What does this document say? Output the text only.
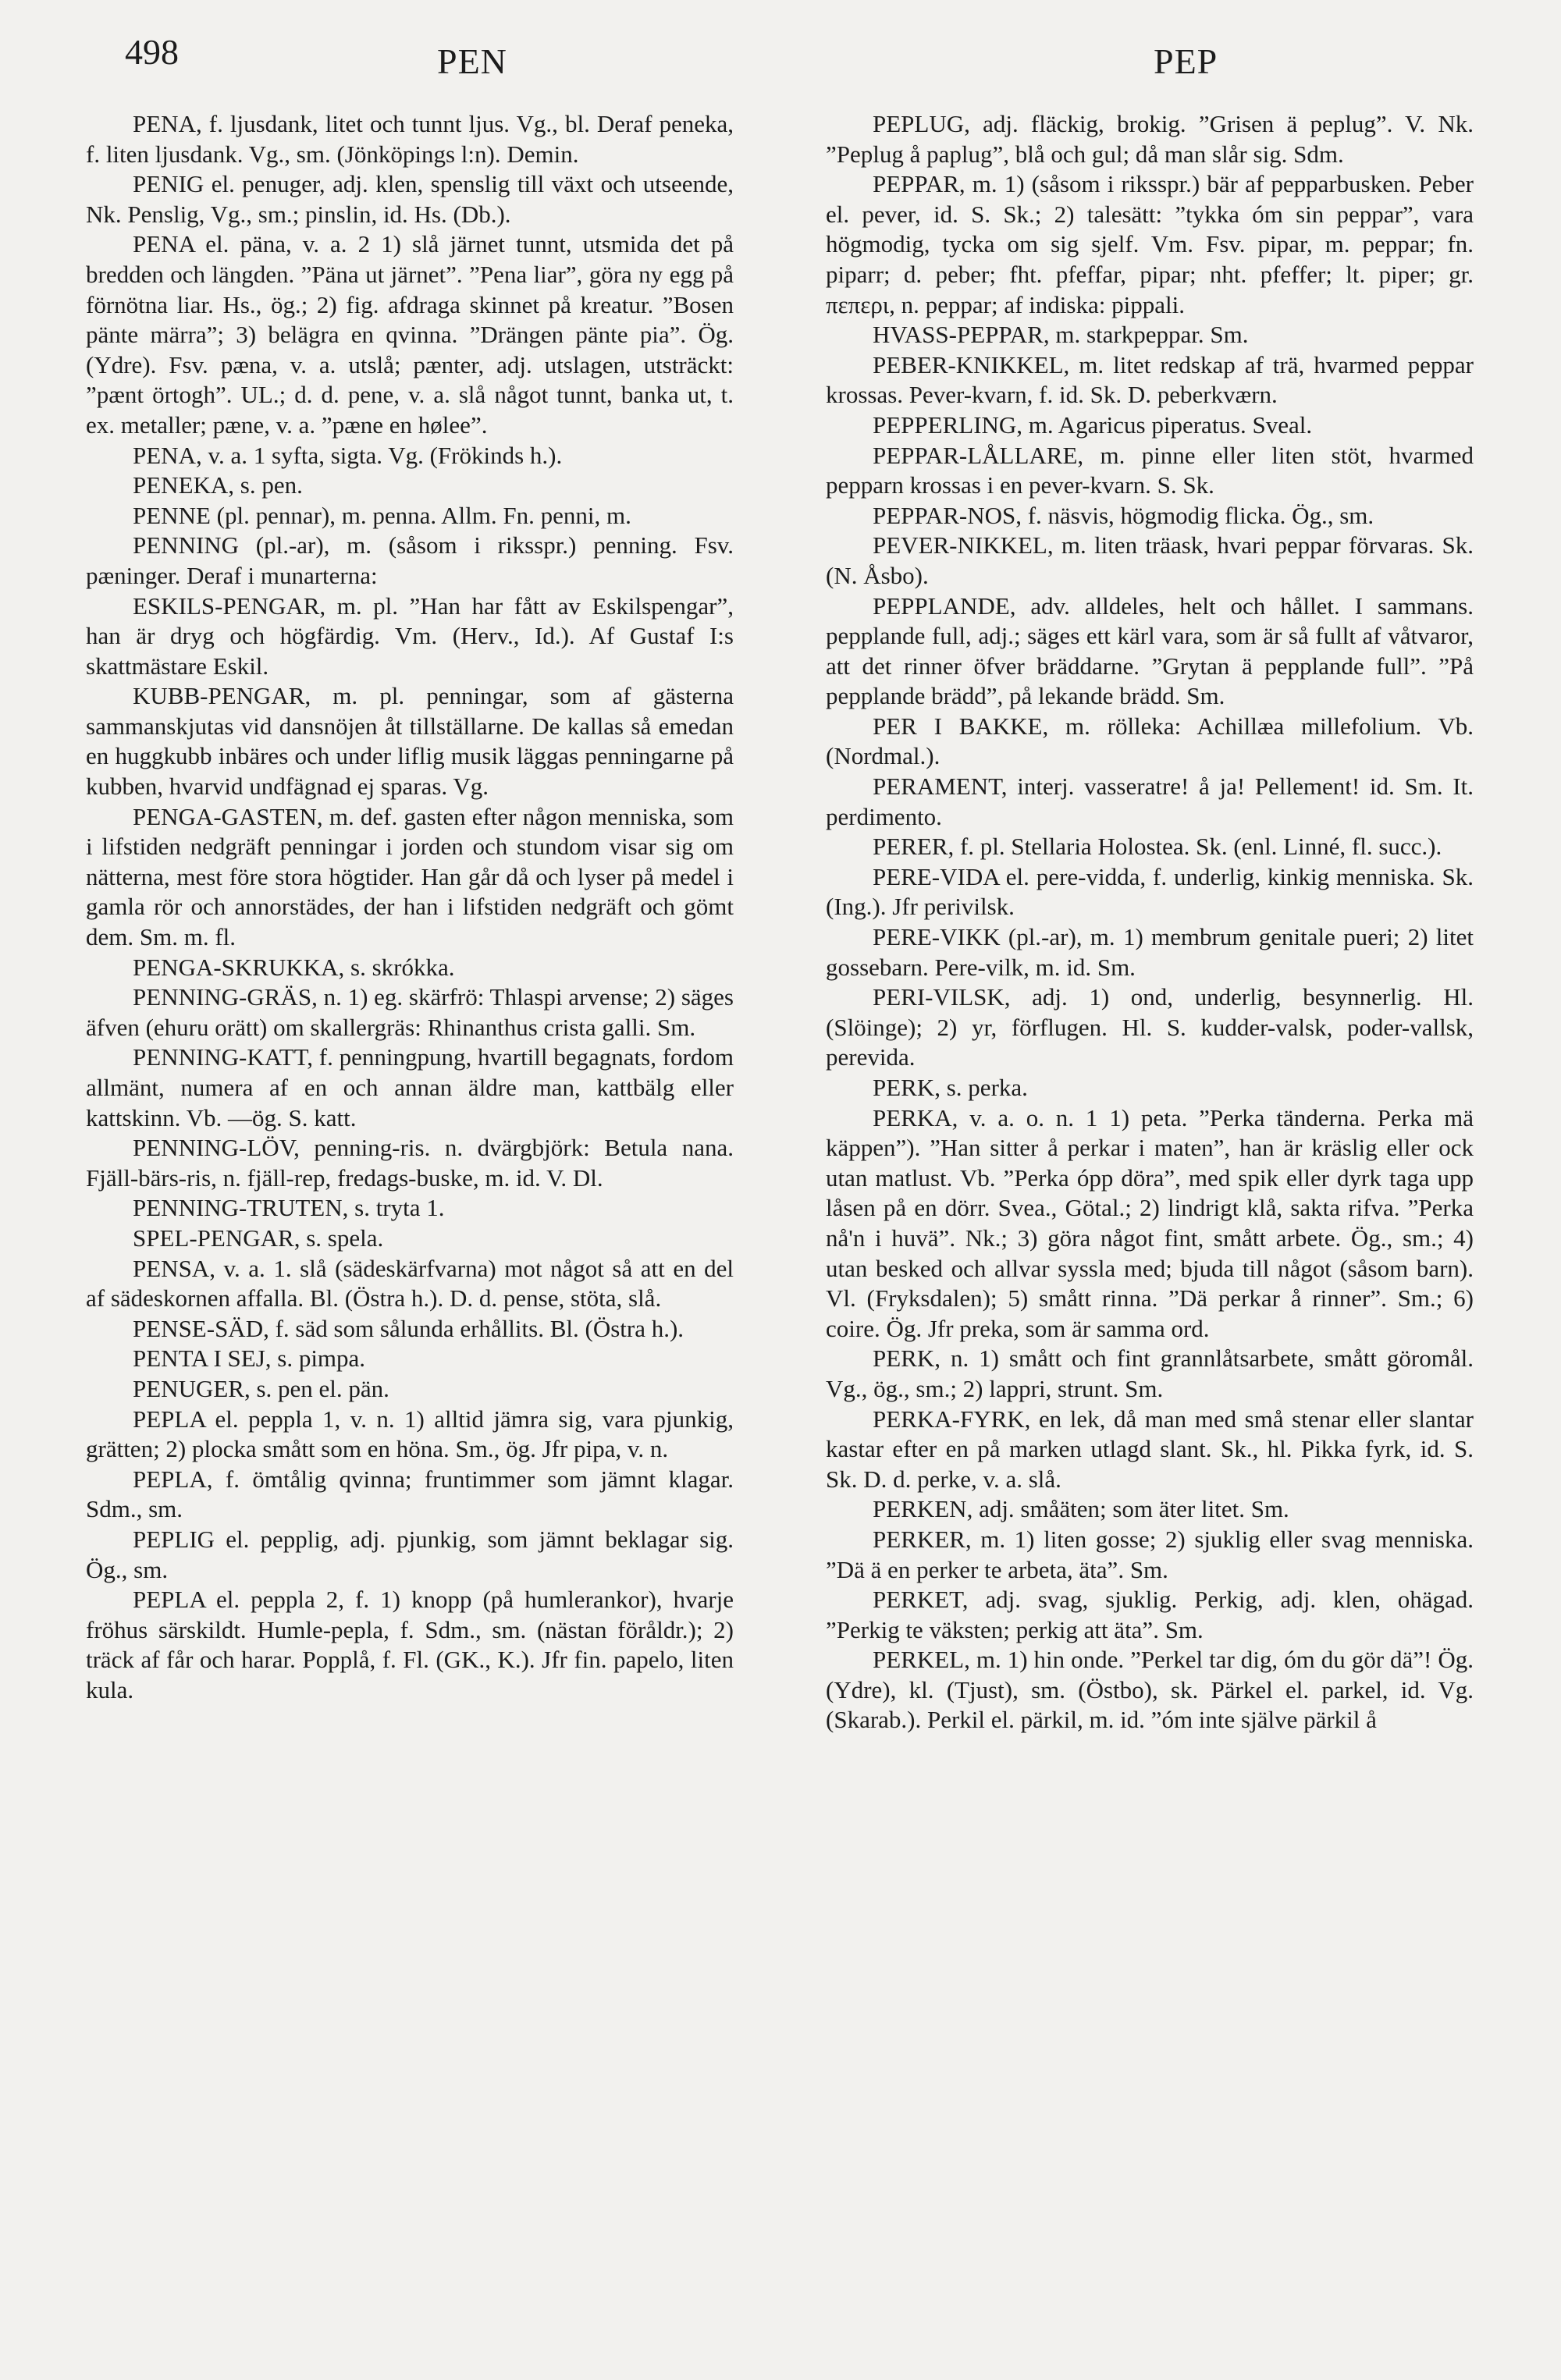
498	PEN	PEP

PENA, f. ljusdank, litet och tunnt ljus. Vg., bl. Deraf peneka, f. liten ljusdank. Vg., sm. (Jönköpings l:n). Demin.

PENIG el. penuger, adj. klen, spenslig till växt och utseende, Nk. Penslig, Vg., sm.; pinslin, id. Hs. (Db.).

PENA el. päna, v. a. 2 1) slå järnet tunnt, utsmida det på bredden och längden. ”Päna ut järnet”. ”Pena liar”, göra ny egg på förnötna liar. Hs., ög.; 2) fig. afdraga skinnet på kreatur. ”Bosen pänte märra”; 3) belägra en qvinna. ”Drängen pänte pia”. Ög. (Ydre). Fsv. pæna, v. a. utslå; pænter, adj. utslagen, utsträckt: ”pænt örtogh”. UL.; d. d. pene, v. a. slå något tunnt, banka ut, t. ex. metaller; pæne, v. a. ”pæne en hølee”.

PENA, v. a. 1 syfta, sigta. Vg. (Frökinds h.).

PENEKA, s. pen.

PENNE (pl. pennar), m. penna. Allm. Fn. penni, m.

PENNING (pl.-ar), m. (såsom i riksspr.) penning. Fsv. pæninger. Deraf i munarterna:

ESKILS-PENGAR, m. pl. ”Han har fått av Eskilspengar”, han är dryg och högfärdig. Vm. (Herv., Id.). Af Gustaf I:s skattmästare Eskil.

KUBB-PENGAR, m. pl. penningar, som af gästerna sammanskjutas vid dansnöjen åt tillställarne. De kallas så emedan en huggkubb inbäres och under liflig musik läggas penningarne på kubben, hvarvid undfägnad ej sparas. Vg.

PENGA-GASTEN, m. def. gasten efter någon menniska, som i lifstiden nedgräft penningar i jorden och stundom visar sig om nätterna, mest före stora högtider. Han går då och lyser på medel i gamla rör och annorstädes, der han i lifstiden nedgräft och gömt dem. Sm. m. fl.

PENGA-SKRUKKA, s. skrókka.

PENNING-GRÄS, n. 1) eg. skärfrö: Thlaspi arvense; 2) säges äfven (ehuru orätt) om skallergräs: Rhinanthus crista galli. Sm.

PENNING-KATT, f. penningpung, hvartill begagnats, fordom allmänt, numera af en och annan äldre man, kattbälg eller kattskinn. Vb. —ög. S. katt.

PENNING-LÖV, penning-ris. n. dvärgbjörk: Betula nana. Fjäll-bärs-ris, n. fjäll-rep, fredags-buske, m. id. V. Dl.

PENNING-TRUTEN, s. tryta 1.

SPEL-PENGAR, s. spela.

PENSA, v. a. 1. slå (sädeskärfvarna) mot något så att en del af sädeskornen affalla. Bl. (Östra h.). D. d. pense, stöta, slå.

PENSE-SÄD, f. säd som sålunda erhållits. Bl. (Östra h.).

PENTA I SEJ, s. pimpa.

PENUGER, s. pen el. pän.

PEPLA el. peppla 1, v. n. 1) alltid jämra sig, vara pjunkig, grätten; 2) plocka smått som en höna. Sm., ög. Jfr pipa, v. n.

PEPLA, f. ömtålig qvinna; fruntimmer som jämnt klagar. Sdm., sm.

PEPLIG el. pepplig, adj. pjunkig, som jämnt beklagar sig. Ög., sm.

PEPLA el. peppla 2, f. 1) knopp (på humlerankor), hvarje fröhus särskildt. Humle-pepla, f. Sdm., sm. (nästan föråldr.); 2) träck af får och harar. Popplå, f. Fl. (GK., K.). Jfr fin. papelo, liten kula.

PEPLUG, adj. fläckig, brokig. ”Grisen ä peplug”. V. Nk. ”Peplug å paplug”, blå och gul; då man slår sig. Sdm.

PEPPAR, m. 1) (såsom i riksspr.) bär af pepparbusken. Peber el. pever, id. S. Sk.; 2) talesätt: ”tykka óm sin peppar”, vara högmodig, tycka om sig sjelf. Vm. Fsv. pipar, m. peppar; fn. piparr; d. peber; fht. pfeffar, pipar; nht. pfeffer; lt. piper; gr. πεπερι, n. peppar; af indiska: pippali.

HVASS-PEPPAR, m. starkpeppar. Sm.

PEBER-KNIKKEL, m. litet redskap af trä, hvarmed peppar krossas. Pever-kvarn, f. id. Sk. D. peberkværn.

PEPPERLING, m. Agaricus piperatus. Sveal.

PEPPAR-LÅLLARE, m. pinne eller liten stöt, hvarmed pepparn krossas i en pever-kvarn. S. Sk.

PEPPAR-NOS, f. näsvis, högmodig flicka. Ög., sm.

PEVER-NIKKEL, m. liten träask, hvari peppar förvaras. Sk. (N. Åsbo).

PEPPLANDE, adv. alldeles, helt och hållet. I sammans. pepplande full, adj.; säges ett kärl vara, som är så fullt af våtvaror, att det rinner öfver bräddarne. ”Grytan ä pepplande full”. ”På pepplande brädd”, på lekande brädd. Sm.

PER I BAKKE, m. rölleka: Achillæa millefolium. Vb. (Nordmal.).

PERAMENT, interj. vasseratre! å ja! Pellement! id. Sm. It. perdimento.

PERER, f. pl. Stellaria Holostea. Sk. (enl. Linné, fl. succ.).

PERE-VIDA el. pere-vidda, f. underlig, kinkig menniska. Sk. (Ing.). Jfr perivilsk.

PERE-VIKK (pl.-ar), m. 1) membrum genitale pueri; 2) litet gossebarn. Pere-vilk, m. id. Sm.

PERI-VILSK, adj. 1) ond, underlig, besynnerlig. Hl. (Slöinge); 2) yr, förflugen. Hl. S. kudder-valsk, poder-vallsk, perevida.

PERK, s. perka.

PERKA, v. a. o. n. 1 1) peta. ”Perka tänderna. Perka mä käppen”). ”Han sitter å perkar i maten”, han är kräslig eller ock utan matlust. Vb. ”Perka ópp döra”, med spik eller dyrk taga upp låsen på en dörr. Svea., Götal.; 2) lindrigt klå, sakta rifva. ”Perka nå'n i huvä”. Nk.; 3) göra något fint, smått arbete. Ög., sm.; 4) utan besked och allvar syssla med; bjuda till något (såsom barn). Vl. (Fryksdalen); 5) smått rinna. ”Dä perkar å rinner”. Sm.; 6) coire. Ög. Jfr preka, som är samma ord.

PERK, n. 1) smått och fint grannlåtsarbete, smått göromål. Vg., ög., sm.; 2) lappri, strunt. Sm.

PERKA-FYRK, en lek, då man med små stenar eller slantar kastar efter en på marken utlagd slant. Sk., hl. Pikka fyrk, id. S. Sk. D. d. perke, v. a. slå.

PERKEN, adj. småäten; som äter litet. Sm.

PERKER, m. 1) liten gosse; 2) sjuklig eller svag menniska. ”Dä ä en perker te arbeta, äta”. Sm.

PERKET, adj. svag, sjuklig. Perkig, adj. klen, ohägad. ”Perkig te väksten; perkig att äta”. Sm.

PERKEL, m. 1) hin onde. ”Perkel tar dig, óm du gör dä”! Ög. (Ydre), kl. (Tjust), sm. (Östbo), sk. Pärkel el. parkel, id. Vg. (Skarab.). Perkil el. pärkil, m. id. ”óm inte själve pärkil å
